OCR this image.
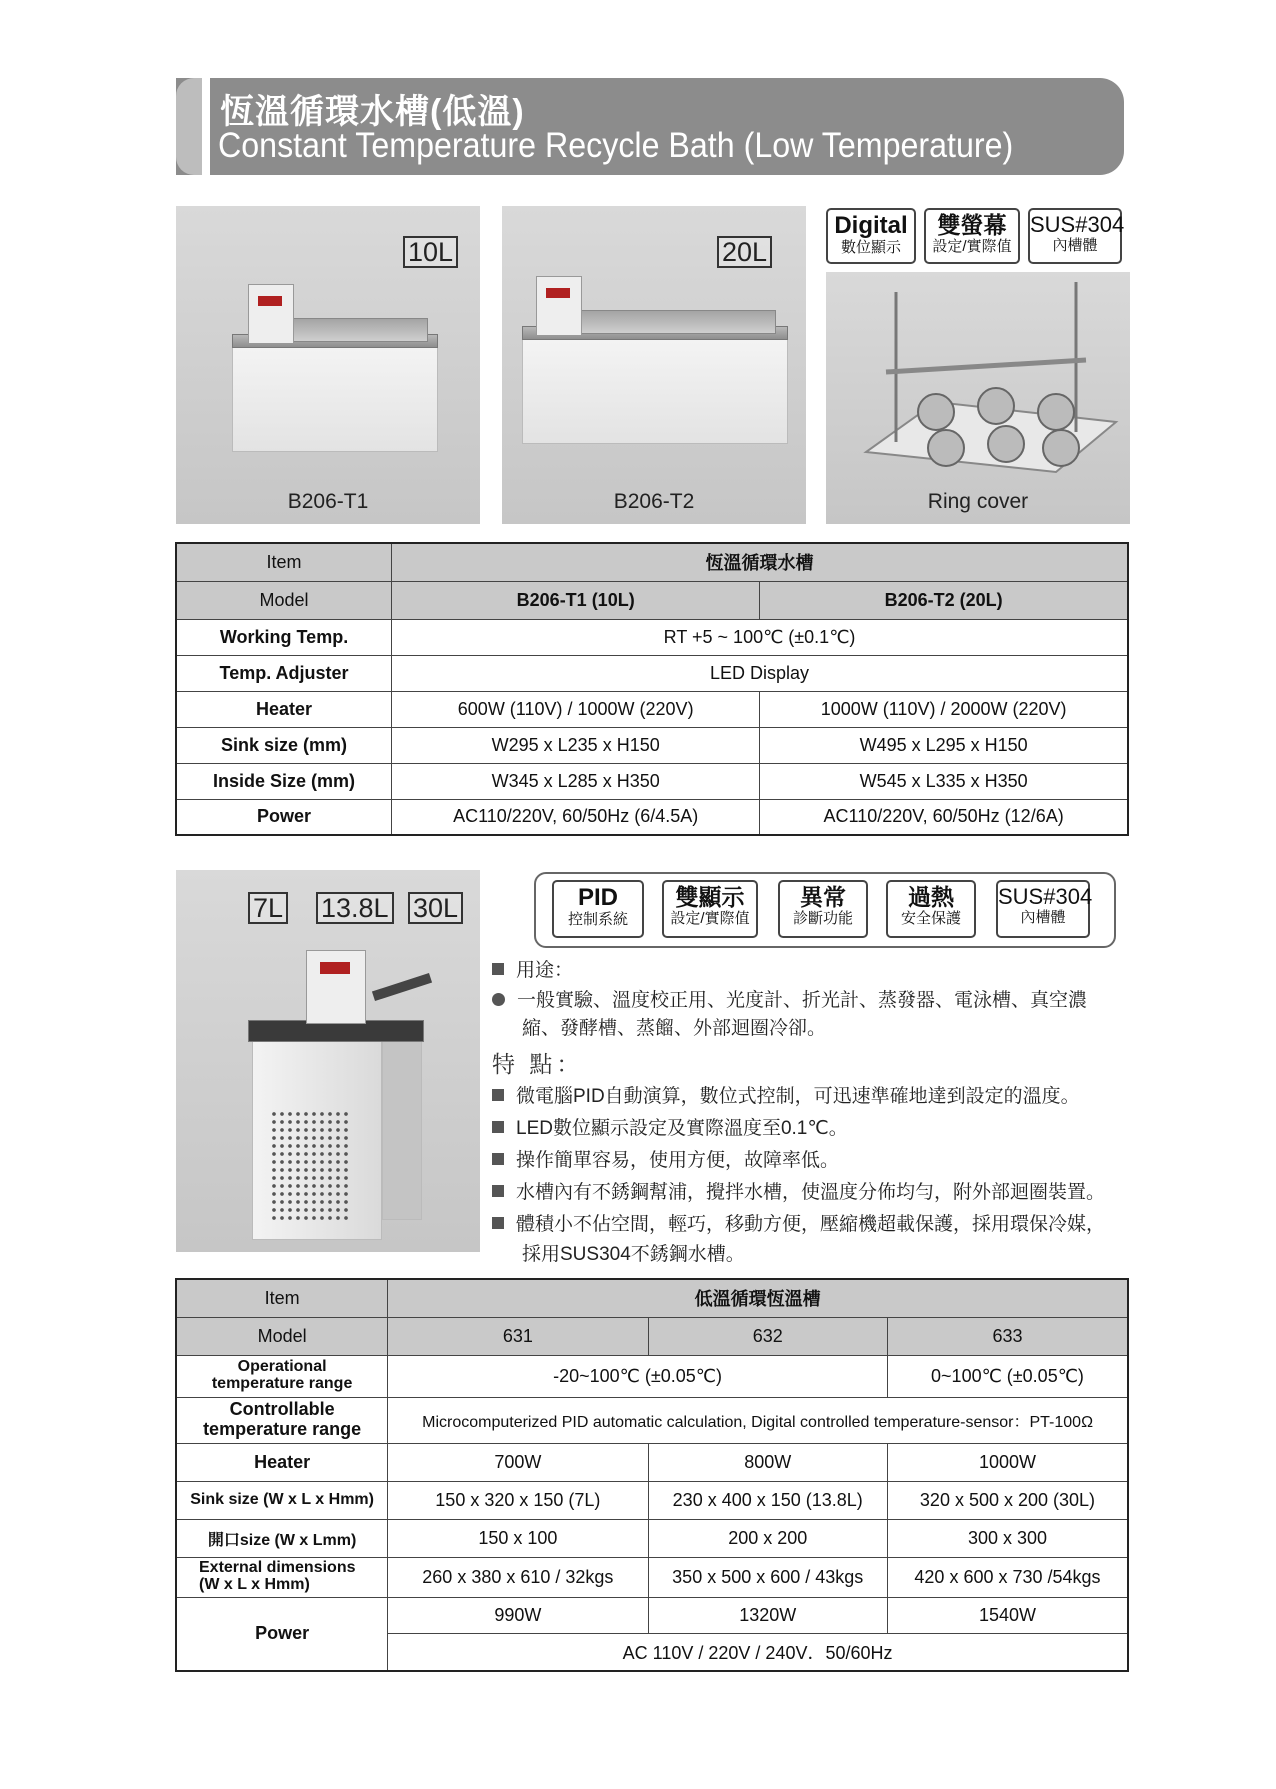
恆溫循環水槽(低溫)
Constant Temperature Recycle Bath (Low Temperature)
10L
B206-T1
20L
B206-T2	Ring cover
Digital
數位顯示
雙螢幕
設定/實際值
SUS#304
內槽體
Item	恆溫循環水槽	
Model	B206-T1 (10L)	B206-T2 (20L)
Working Temp.	RT +5 ~ 100℃ (±0.1℃)	
Temp. Adjuster	LED Display	
Heater	600W (110V) / 1000W (220V)	1000W (110V) / 2000W (220V)
Sink size (mm)	W295 x L235 x H150	W495 x L295 x H150
Inside Size (mm)	W345 x L285 x H350	W545 x L335 x H350
Power	AC110/220V, 60/50Hz (6/4.5A)	AC110/220V, 60/50Hz (12/6A)
7L 13.8L 30L	PID
控制系統
雙顯示
設定/實際值
異常
診斷功能
過熱
安全保護
SUS#304
內槽體
用途：
一般實驗、溫度校正用、光度計、折光計、蒸發器、電泳槽、真空濃
縮、發酵槽、蒸餾、外部迴圈冷卻。
特 點：
微電腦PID自動演算，數位式控制，可迅速準確地達到設定的溫度。
LED數位顯示設定及實際溫度至0.1℃。
操作簡單容易，使用方便，故障率低。
水槽內有不銹鋼幫浦，攪拌水槽，使溫度分佈均勻，附外部迴圈裝置。
體積小不佔空間，輕巧，移動方便，壓縮機超載保護，採用環保冷媒，
採用SUS304不銹鋼水槽。
Item	低溫循環恆溫槽		
Model	631	632	633
Operational
temperature range	-20~100℃ (±0.05℃)		0~100℃ (±0.05℃)
Controllable
temperature range	Microcomputerized PID automatic calculation, Digital controlled temperature-sensor：PT-100Ω		
Heater	700W	800W	1000W
Sink size (W x L x Hmm)	150 x 320 x 150 (7L)	230 x 400 x 150 (13.8L)	320 x 500 x 200 (30L)
開口size (W x Lmm)	150 x 100	200 x 200	300 x 300
External dimensions
(W x L x Hmm)	260 x 380 x 610 / 32kgs	350 x 500 x 600 / 43kgs	420 x 600 x 730 /54kgs
Power	990W	1320W	1540W
	AC 110V / 220V / 240V．50/60Hz		
